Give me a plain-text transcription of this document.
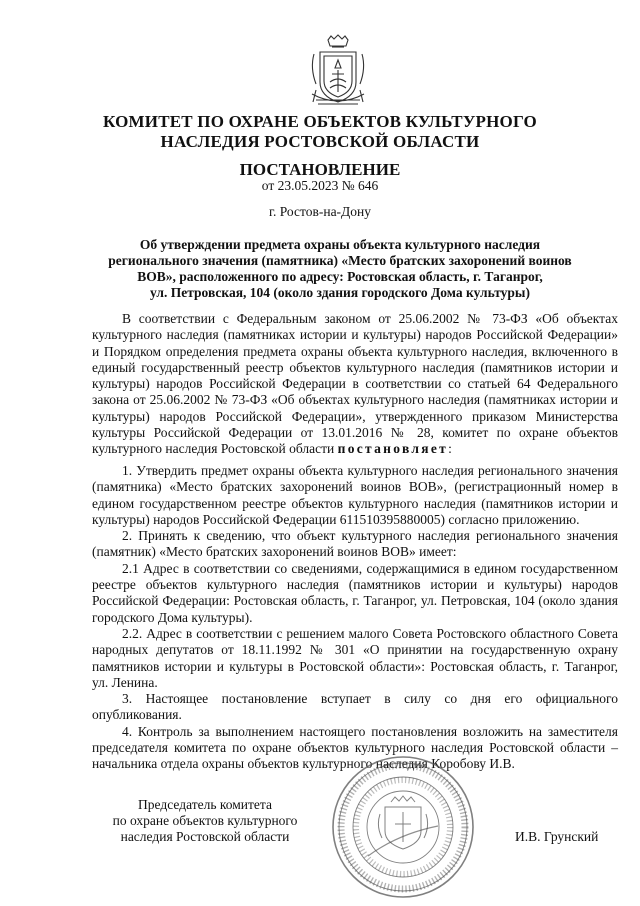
КОМИТЕТ ПО ОХРАНЕ ОБЪЕКТОВ КУЛЬТУРНОГО
НАСЛЕДИЯ РОСТОВСКОЙ ОБЛАСТИ
ПОСТАНОВЛЕНИЕ
от 23.05.2023 № 646
г. Ростов-на-Дону
Об утверждении предмета охраны объекта культурного наследия
регионального значения (памятника) «Место братских захоронений воинов
ВОВ», расположенного по адресу: Ростовская область, г. Таганрог,
ул. Петровская, 104 (около здания городского Дома культуры)

В соответствии с Федеральным законом от 25.06.2002 № 73-ФЗ «Об объектах культурного наследия (памятниках истории и культуры) народов Российской Федерации» и Порядком определения предмета охраны объекта культурного наследия, включенного в единый государственный реестр объектов культурного наследия (памятников истории и культуры) народов Российской Федерации в соответствии со статьей 64 Федерального закона от 25.06.2002 № 73-ФЗ «Об объектах культурного наследия (памятниках истории и культуры) народов Российской Федерации», утвержденного приказом Министерства культуры Российской Федерации от 13.01.2016 № 28, комитет по охране объектов культурного наследия Ростовской области постановляет:

1. Утвердить предмет охраны объекта культурного наследия регионального значения (памятника) «Место братских захоронений воинов ВОВ», (регистрационный номер в едином государственном реестре объектов культурного наследия (памятников истории и культуры) народов Российской Федерации 611510395880005) согласно приложению.

2. Принять к сведению, что объект культурного наследия регионального значения (памятник) «Место братских захоронений воинов ВОВ» имеет:

2.1 Адрес в соответствии со сведениями, содержащимися в едином государственном реестре объектов культурного наследия (памятников истории и культуры) народов Российской Федерации: Ростовская область, г. Таганрог, ул. Петровская, 104 (около здания городского Дома культуры).

2.2. Адрес в соответствии с решением малого Совета Ростовского областного Совета народных депутатов от 18.11.1992 № 301 «О принятии на государственную охрану памятников истории и культуры в Ростовской области»: Ростовская область, г. Таганрог, ул. Ленина.

3. Настоящее постановление вступает в силу со дня его официального опубликования.

4. Контроль за выполнением настоящего постановления возложить на заместителя председателя комитета по охране объектов культурного наследия Ростовской области – начальника отдела охраны объектов культурного наследия Коробову И.В.

Председатель комитета
по охране объектов культурного
наследия Ростовской области	И.В. Грунский
